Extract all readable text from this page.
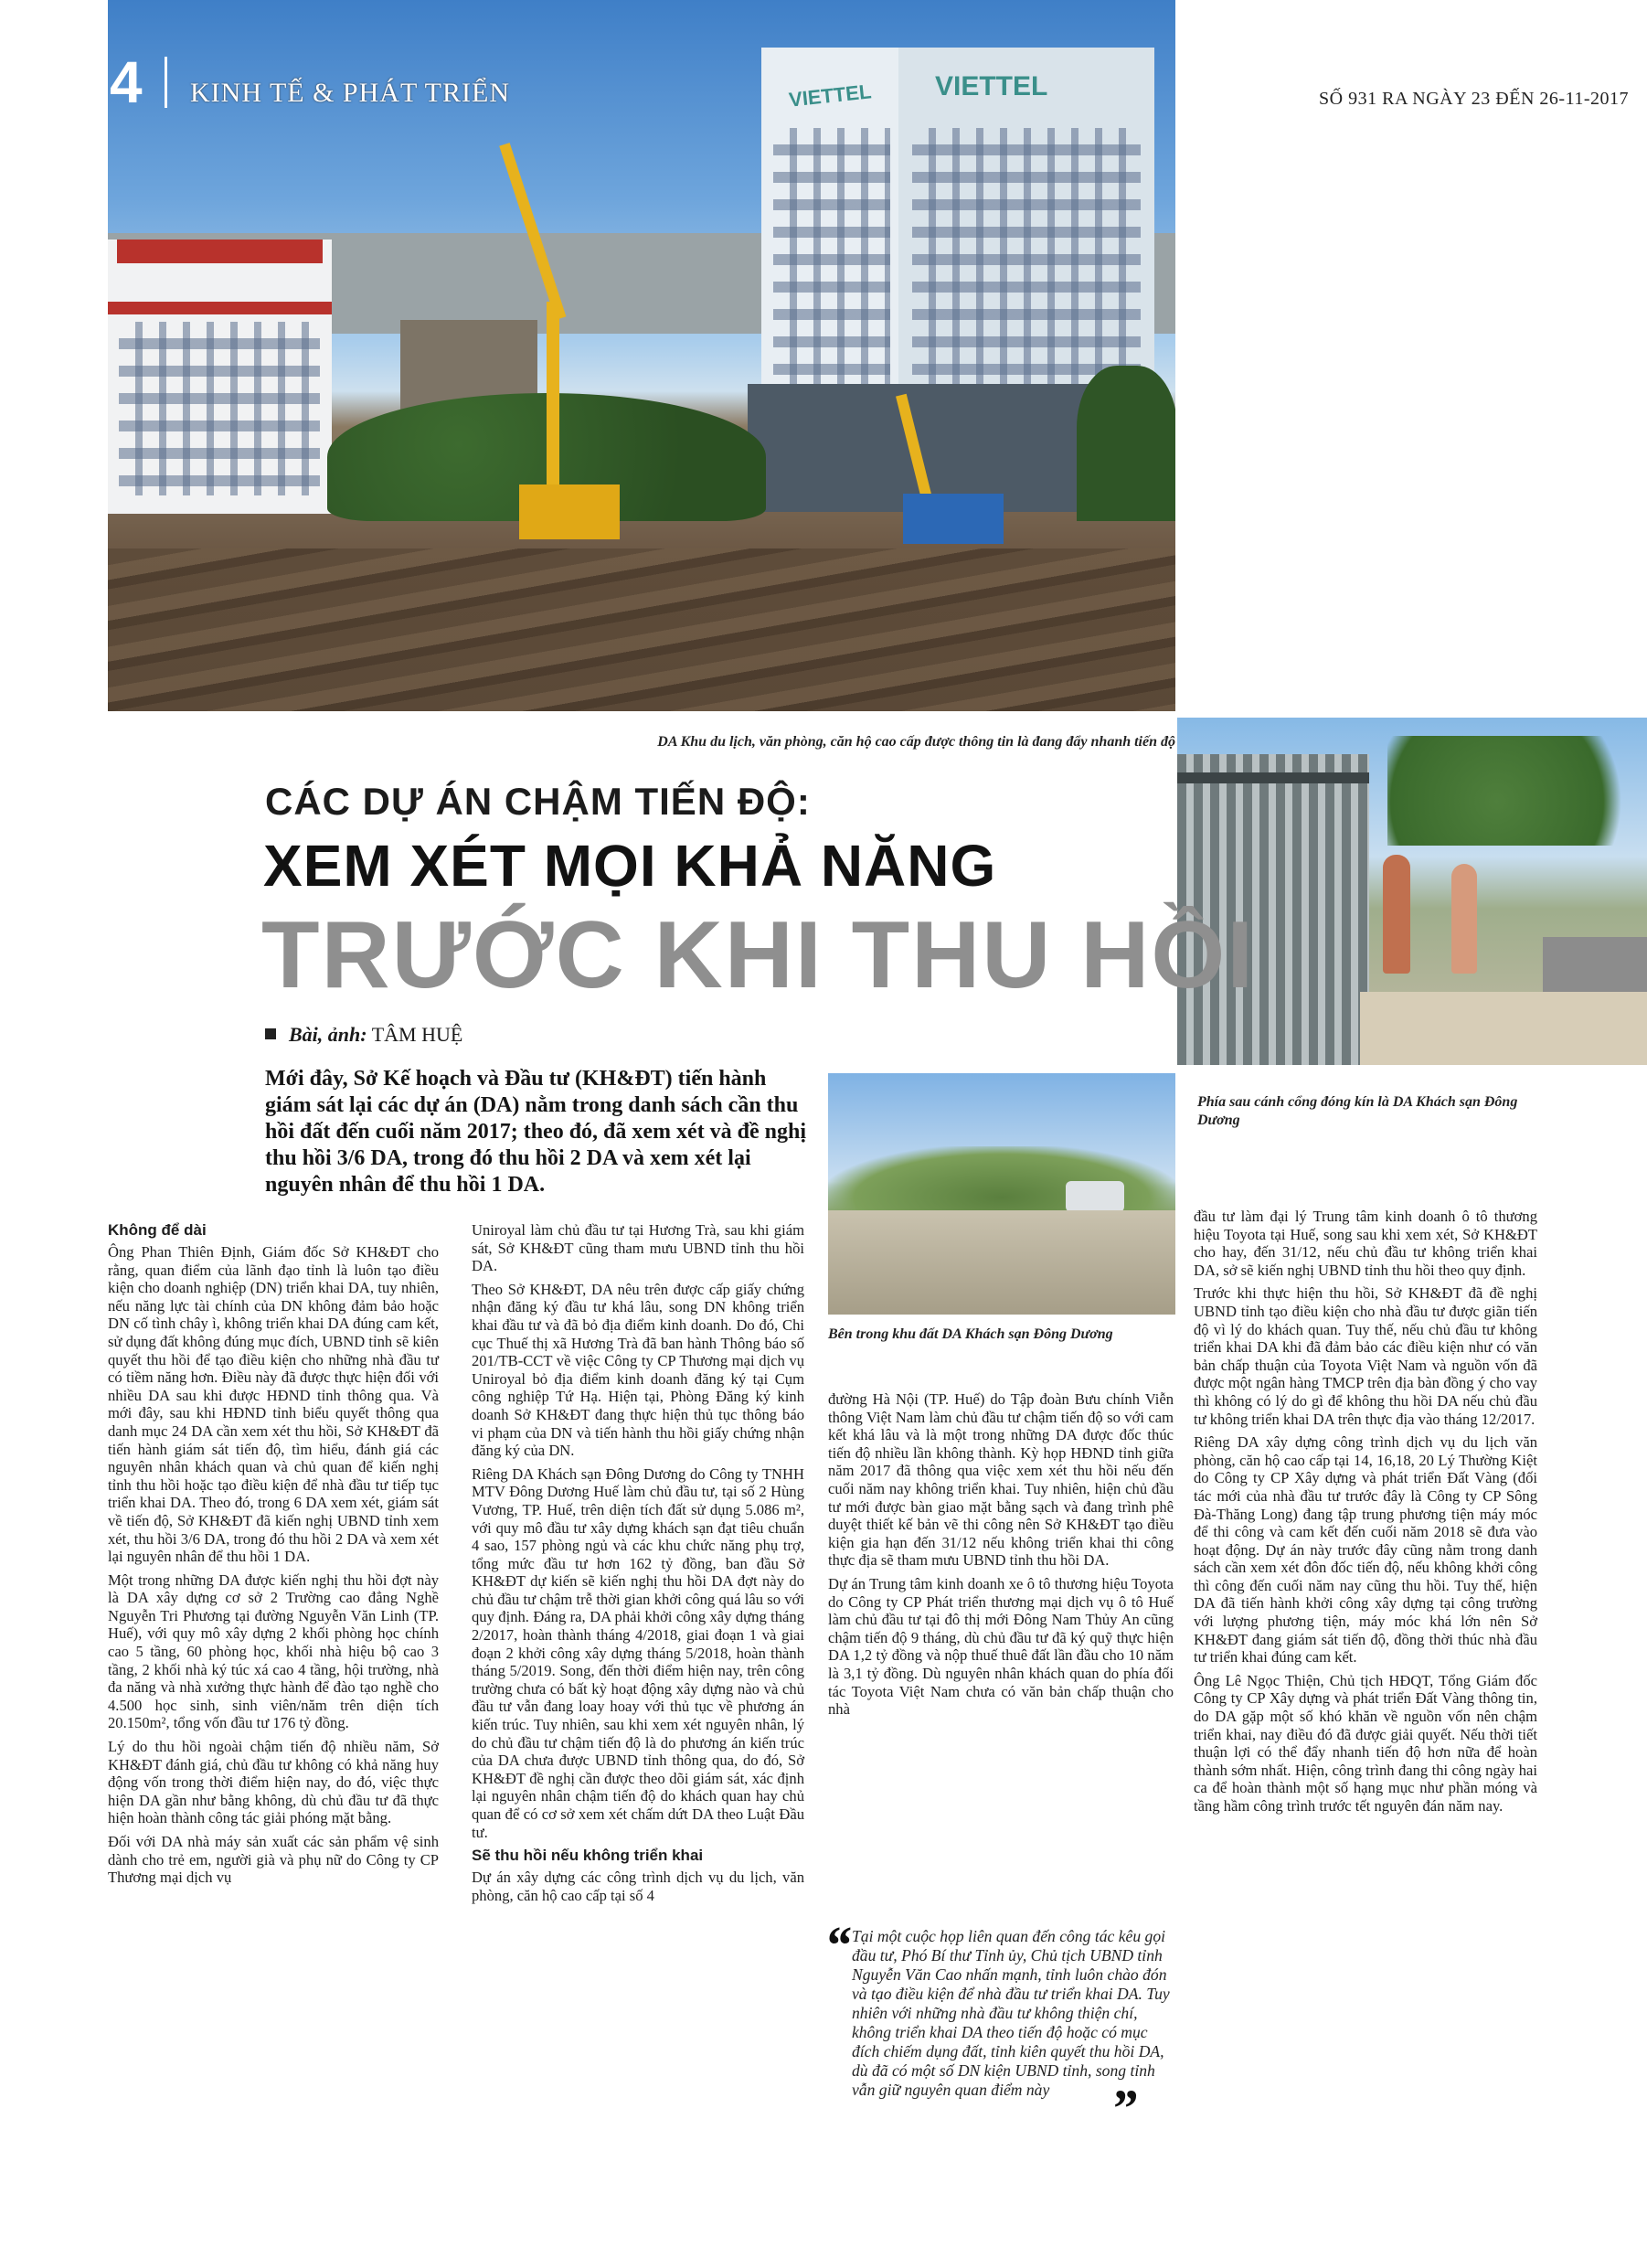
VIETTEL VIETTEL
4 KINH TẾ & PHÁT TRIỂN	SỐ 931 RA NGÀY 23 ĐẾN 26-11-2017
DA Khu du lịch, văn phòng, căn hộ cao cấp được thông tin là đang đẩy nhanh tiến độ
Phía sau cánh cổng đóng kín là DA Khách sạn Đông Dương
Bên trong khu đất DA Khách sạn Đông Dương
CÁC DỰ ÁN CHẬM TIẾN ĐỘ:
XEM XÉT MỌI KHẢ NĂNG
TRƯỚC KHI THU HỒI
Bài, ảnh: TÂM HUỆ
Mới đây, Sở Kế hoạch và Đầu tư (KH&ĐT) tiến hành giám sát lại các dự án (DA) nằm trong danh sách cần thu hồi đất đến cuối năm 2017; theo đó, đã xem xét và đề nghị thu hồi 3/6 DA, trong đó thu hồi 2 DA và xem xét lại nguyên nhân để thu hồi 1 DA.
Không để dài

Ông Phan Thiên Định, Giám đốc Sở KH&ĐT cho rằng, quan điểm của lãnh đạo tỉnh là luôn tạo điều kiện cho doanh nghiệp (DN) triển khai DA, tuy nhiên, nếu năng lực tài chính của DN không đảm bảo hoặc DN cố tình chây ì, không triển khai DA đúng cam kết, sử dụng đất không đúng mục đích, UBND tỉnh sẽ kiên quyết thu hồi để tạo điều kiện cho những nhà đầu tư có tiềm năng hơn. Điều này đã được thực hiện đối với nhiều DA sau khi được HĐND tỉnh thông qua. Và mới đây, sau khi HĐND tỉnh biểu quyết thông qua danh mục 24 DA cần xem xét thu hồi, Sở KH&ĐT đã tiến hành giám sát tiến độ, tìm hiểu, đánh giá các nguyên nhân khách quan và chủ quan để kiến nghị tỉnh thu hồi hoặc tạo điều kiện để nhà đầu tư tiếp tục triển khai DA. Theo đó, trong 6 DA xem xét, giám sát về tiến độ, Sở KH&ĐT đã kiến nghị UBND tỉnh xem xét, thu hồi 3/6 DA, trong đó thu hồi 2 DA và xem xét lại nguyên nhân để thu hồi 1 DA.

Một trong những DA được kiến nghị thu hồi đợt này là DA xây dựng cơ sở 2 Trường cao đẳng Nghề Nguyễn Tri Phương tại đường Nguyễn Văn Linh (TP. Huế), với quy mô xây dựng 2 khối phòng học chính cao 5 tầng, 60 phòng học, khối nhà hiệu bộ cao 3 tầng, 2 khối nhà ký túc xá cao 4 tầng, hội trường, nhà đa năng và nhà xưởng thực hành để đào tạo nghề cho 4.500 học sinh, sinh viên/năm trên diện tích 20.150m², tổng vốn đầu tư 176 tỷ đồng.

Lý do thu hồi ngoài chậm tiến độ nhiều năm, Sở KH&ĐT đánh giá, chủ đầu tư không có khả năng huy động vốn trong thời điểm hiện nay, do đó, việc thực hiện DA gần như bằng không, dù chủ đầu tư đã thực hiện hoàn thành công tác giải phóng mặt bằng.

Đối với DA nhà máy sản xuất các sản phẩm vệ sinh dành cho trẻ em, người già và phụ nữ do Công ty CP Thương mại dịch vụ

Uniroyal làm chủ đầu tư tại Hương Trà, sau khi giám sát, Sở KH&ĐT cũng tham mưu UBND tỉnh thu hồi DA.

Theo Sở KH&ĐT, DA nêu trên được cấp giấy chứng nhận đăng ký đầu tư khá lâu, song DN không triển khai đầu tư và đã bỏ địa điểm kinh doanh. Do đó, Chi cục Thuế thị xã Hương Trà đã ban hành Thông báo số 201/TB-CCT về việc Công ty CP Thương mại dịch vụ Uniroyal bỏ địa điểm kinh doanh đăng ký tại Cụm công nghiệp Tứ Hạ. Hiện tại, Phòng Đăng ký kinh doanh Sở KH&ĐT đang thực hiện thủ tục thông báo vi phạm của DN và tiến hành thu hồi giấy chứng nhận đăng ký của DN.

Riêng DA Khách sạn Đông Dương do Công ty TNHH MTV Đông Dương Huế làm chủ đầu tư, tại số 2 Hùng Vương, TP. Huế, trên diện tích đất sử dụng 5.086 m², với quy mô đầu tư xây dựng khách sạn đạt tiêu chuẩn 4 sao, 157 phòng ngủ và các khu chức năng phụ trợ, tổng mức đầu tư hơn 162 tỷ đồng, ban đầu Sở KH&ĐT dự kiến sẽ kiến nghị thu hồi DA đợt này do chủ đầu tư chậm trễ thời gian khởi công quá lâu so với quy định. Đáng ra, DA phải khởi công xây dựng tháng 2/2017, hoàn thành tháng 4/2018, giai đoạn 1 và giai đoạn 2 khởi công xây dựng tháng 5/2018, hoàn thành tháng 5/2019. Song, đến thời điểm hiện nay, trên công trường chưa có bất kỳ hoạt động xây dựng nào và chủ đầu tư vẫn đang loay hoay với thủ tục về phương án kiến trúc. Tuy nhiên, sau khi xem xét nguyên nhân, lý do chủ đầu tư chậm tiến độ là do phương án kiến trúc của DA chưa được UBND tỉnh thông qua, do đó, Sở KH&ĐT đề nghị cần được theo dõi giám sát, xác định lại nguyên nhân chậm tiến độ do khách quan hay chủ quan để có cơ sở xem xét chấm dứt DA theo Luật Đầu tư.

Sẽ thu hồi nếu không triển khai

Dự án xây dựng các công trình dịch vụ du lịch, văn phòng, căn hộ cao cấp tại số 4

đường Hà Nội (TP. Huế) do Tập đoàn Bưu chính Viễn thông Việt Nam làm chủ đầu tư chậm tiến độ so với cam kết khá lâu và là một trong những DA được đốc thúc tiến độ nhiều lần không thành. Kỳ họp HĐND tỉnh giữa năm 2017 đã thông qua việc xem xét thu hồi nếu đến cuối năm nay không triển khai. Tuy nhiên, hiện chủ đầu tư mới được bàn giao mặt bằng sạch và đang trình phê duyệt thiết kế bản vẽ thi công nên Sở KH&ĐT tạo điều kiện gia hạn đến 31/12 nếu không triển khai thi công thực địa sẽ tham mưu UBND tỉnh thu hồi DA.

Dự án Trung tâm kinh doanh xe ô tô thương hiệu Toyota do Công ty CP Phát triển thương mại dịch vụ ô tô Huế làm chủ đầu tư tại đô thị mới Đông Nam Thủy An cũng chậm tiến độ 9 tháng, dù chủ đầu tư đã ký quỹ thực hiện DA 1,2 tỷ đồng và nộp thuế thuê đất lần đầu cho 10 năm là 3,1 tỷ đồng. Dù nguyên nhân khách quan do phía đối tác Toyota Việt Nam chưa có văn bản chấp thuận cho nhà

“ Tại một cuộc họp liên quan đến công tác kêu gọi đầu tư, Phó Bí thư Tỉnh ủy, Chủ tịch UBND tỉnh Nguyễn Văn Cao nhấn mạnh, tỉnh luôn chào đón và tạo điều kiện để nhà đầu tư triển khai DA. Tuy nhiên với những nhà đầu tư không thiện chí, không triển khai DA theo tiến độ hoặc có mục đích chiếm dụng đất, tỉnh kiên quyết thu hồi DA, dù đã có một số DN kiện UBND tỉnh, song tỉnh vẫn giữ nguyên quan điểm này	”

đầu tư làm đại lý Trung tâm kinh doanh ô tô thương hiệu Toyota tại Huế, song sau khi xem xét, Sở KH&ĐT cho hay, đến 31/12, nếu chủ đầu tư không triển khai DA, sở sẽ kiến nghị UBND tỉnh thu hồi theo quy định.

Trước khi thực hiện thu hồi, Sở KH&ĐT đã đề nghị UBND tỉnh tạo điều kiện cho nhà đầu tư được giãn tiến độ vì lý do khách quan. Tuy thế, nếu chủ đầu tư không triển khai DA khi đã đảm bảo các điều kiện như có văn bản chấp thuận của Toyota Việt Nam và nguồn vốn đã được một ngân hàng TMCP trên địa bàn đồng ý cho vay thì không có lý do gì để không thu hồi DA nếu chủ đầu tư không triển khai DA trên thực địa vào tháng 12/2017.

Riêng DA xây dựng công trình dịch vụ du lịch văn phòng, căn hộ cao cấp tại 14, 16,18, 20 Lý Thường Kiệt do Công ty CP Xây dựng và phát triển Đất Vàng (đối tác mới của nhà đầu tư trước đây là Công ty CP Sông Đà-Thăng Long) đang tập trung phương tiện máy móc để thi công và cam kết đến cuối năm 2018 sẽ đưa vào hoạt động. Dự án này trước đây cũng nằm trong danh sách cần xem xét đôn đốc tiến độ, nếu không khởi công thì công đến cuối năm nay cũng thu hồi. Tuy thế, hiện DA đã tiến hành khởi công xây dựng tại công trường với lượng phương tiện, máy móc khá lớn nên Sở KH&ĐT đang giám sát tiến độ, đồng thời thúc nhà đầu tư triển khai đúng cam kết.

Ông Lê Ngọc Thiện, Chủ tịch HĐQT, Tổng Giám đốc Công ty CP Xây dựng và phát triển Đất Vàng thông tin, do DA gặp một số khó khăn về nguồn vốn nên chậm triển khai, nay điều đó đã được giải quyết. Nếu thời tiết thuận lợi có thể đẩy nhanh tiến độ hơn nữa để hoàn thành sớm nhất. Hiện, công trình đang thi công ngày hai ca để hoàn thành một số hạng mục như phần móng và tầng hầm công trình trước tết nguyên đán năm nay.
